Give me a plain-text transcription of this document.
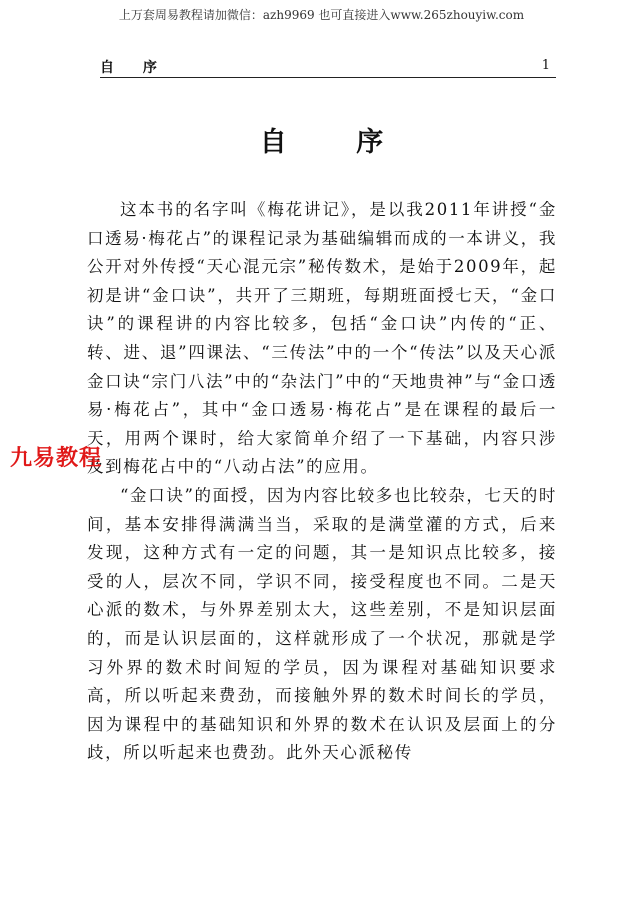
上万套周易教程请加微信：azh9969 也可直接进入www.265zhouyiw.com
自 序	1
自 序

这本书的名字叫《梅花讲记》，是以我2011年讲授“金口透易·梅花占”的课程记录为基础编辑而成的一本讲义，我公开对外传授“天心混元宗”秘传数术，是始于2009年，起初是讲“金口诀”，共开了三期班，每期班面授七天，“金口诀”的课程讲的内容比较多，包括“金口诀”内传的“正、转、进、退”四课法、“三传法”中的一个“传法”以及天心派金口诀“宗门八法”中的“杂法门”中的“天地贵神”与“金口透易·梅花占”，其中“金口透易·梅花占”是在课程的最后一天，用两个课时，给大家简单介绍了一下基础，内容只涉及到梅花占中的“八动占法”的应用。

“金口诀”的面授，因为内容比较多也比较杂，七天的时间，基本安排得满满当当，采取的是满堂灌的方式，后来发现，这种方式有一定的问题，其一是知识点比较多，接受的人，层次不同，学识不同，接受程度也不同。二是天心派的数术，与外界差别太大，这些差别，不是知识层面的，而是认识层面的，这样就形成了一个状况，那就是学习外界的数术时间短的学员，因为课程对基础知识要求高，所以听起来费劲，而接触外界的数术时间长的学员，因为课程中的基础知识和外界的数术在认识及层面上的分歧，所以听起来也费劲。此外天心派秘传

九易教程
